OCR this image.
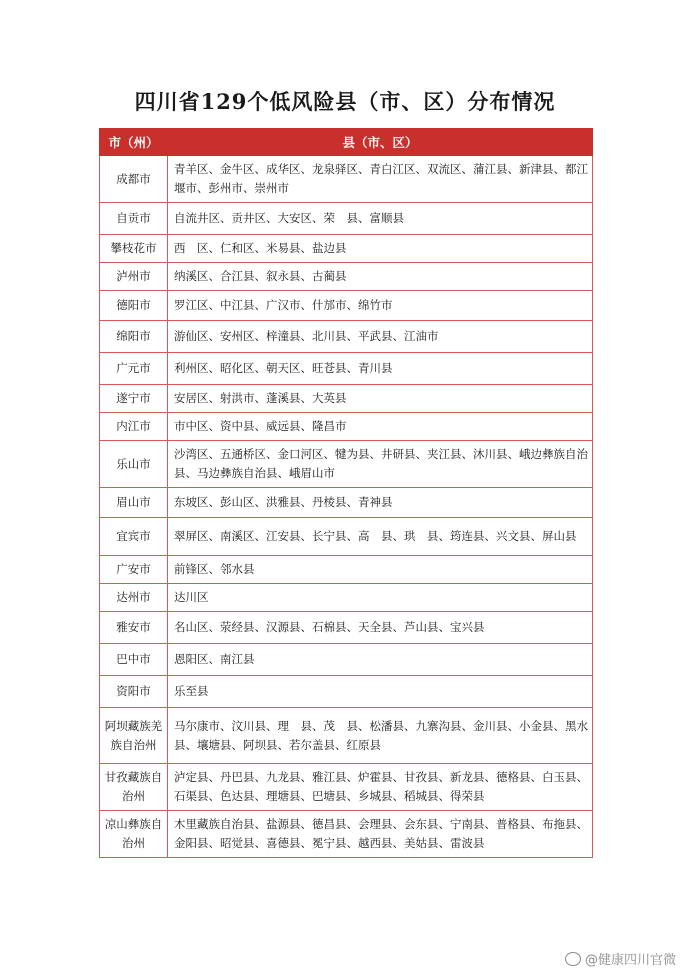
四川省129个低风险县（市、区）分布情况
市（州）	县（市、区）
成都市	青羊区、金牛区、成华区、龙泉驿区、青白江区、双流区、蒲江县、新津县、都江堰市、彭州市、崇州市
自贡市	自流井区、贡井区、大安区、荣　县、富顺县
攀枝花市	西　区、仁和区、米易县、盐边县
泸州市	纳溪区、合江县、叙永县、古蔺县
德阳市	罗江区、中江县、广汉市、什邡市、绵竹市
绵阳市	游仙区、安州区、梓潼县、北川县、平武县、江油市
广元市	利州区、昭化区、朝天区、旺苍县、青川县
遂宁市	安居区、射洪市、蓬溪县、大英县
内江市	市中区、资中县、威远县、隆昌市
乐山市	沙湾区、五通桥区、金口河区、犍为县、井研县、夹江县、沐川县、峨边彝族自治县、马边彝族自治县、峨眉山市
眉山市	东坡区、彭山区、洪雅县、丹棱县、青神县
宜宾市	翠屏区、南溪区、江安县、长宁县、高　县、珙　县、筠连县、兴文县、屏山县
广安市	前锋区、邻水县
达州市	达川区
雅安市	名山区、荥经县、汉源县、石棉县、天全县、芦山县、宝兴县
巴中市	恩阳区、南江县
资阳市	乐至县
阿坝藏族羌族自治州	马尔康市、汶川县、理　县、茂　县、松潘县、九寨沟县、金川县、小金县、黑水县、壤塘县、阿坝县、若尔盖县、红原县
甘孜藏族自治州	泸定县、丹巴县、九龙县、雅江县、炉霍县、甘孜县、新龙县、德格县、白玉县、石渠县、色达县、理塘县、巴塘县、乡城县、稻城县、得荣县
凉山彝族自治州	木里藏族自治县、盐源县、德昌县、会理县、会东县、宁南县、普格县、布拖县、金阳县、昭觉县、喜德县、冕宁县、越西县、美姑县、雷波县
@健康四川官微
